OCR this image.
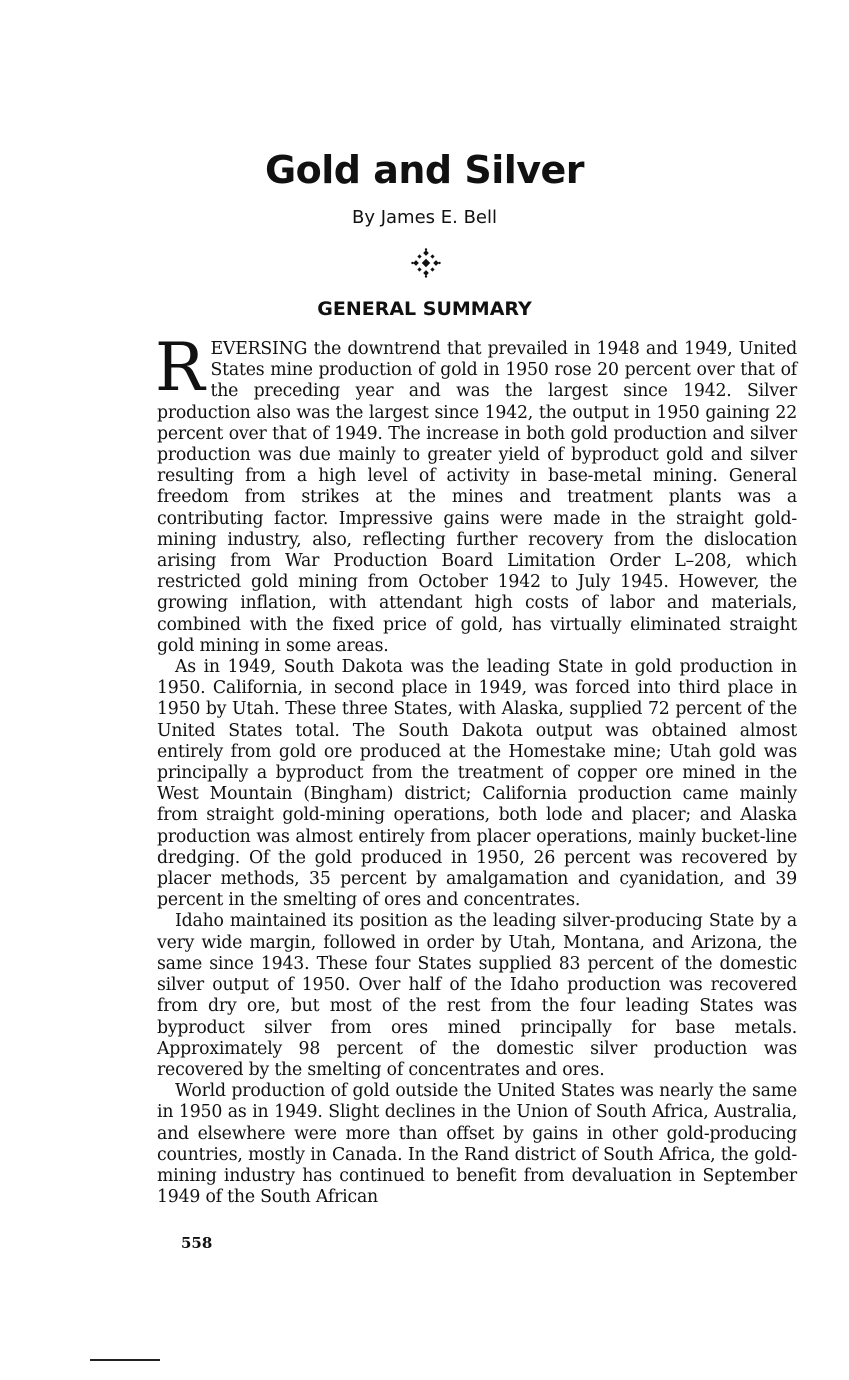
Gold and Silver

By James E. Bell

GENERAL SUMMARY

REVERSING the downtrend that prevailed in 1948 and 1949, United States mine production of gold in 1950 rose 20 percent over that of the preceding year and was the largest since 1942. Silver production also was the largest since 1942, the output in 1950 gaining 22 percent over that of 1949. The increase in both gold production and silver production was due mainly to greater yield of byproduct gold and silver resulting from a high level of activity in base-metal mining. General freedom from strikes at the mines and treatment plants was a contributing factor. Impressive gains were made in the straight gold-mining industry, also, reflecting further recovery from the dislocation arising from War Production Board Limitation Order L–208, which restricted gold mining from October 1942 to July 1945. However, the growing inflation, with attendant high costs of labor and materials, combined with the fixed price of gold, has virtually eliminated straight gold mining in some areas.

As in 1949, South Dakota was the leading State in gold production in 1950. California, in second place in 1949, was forced into third place in 1950 by Utah. These three States, with Alaska, supplied 72 percent of the United States total. The South Dakota output was obtained almost entirely from gold ore produced at the Homestake mine; Utah gold was principally a byproduct from the treatment of copper ore mined in the West Mountain (Bingham) district; California production came mainly from straight gold-mining operations, both lode and placer; and Alaska production was almost entirely from placer operations, mainly bucket-line dredging. Of the gold produced in 1950, 26 percent was recovered by placer methods, 35 percent by amalgamation and cyanidation, and 39 percent in the smelting of ores and concentrates.

Idaho maintained its position as the leading silver-producing State by a very wide margin, followed in order by Utah, Montana, and Arizona, the same since 1943. These four States supplied 83 percent of the domestic silver output of 1950. Over half of the Idaho production was recovered from dry ore, but most of the rest from the four leading States was byproduct silver from ores mined principally for base metals. Approximately 98 percent of the domestic silver production was recovered by the smelting of concentrates and ores.

World production of gold outside the United States was nearly the same in 1950 as in 1949. Slight declines in the Union of South Africa, Australia, and elsewhere were more than offset by gains in other gold-producing countries, mostly in Canada. In the Rand district of South Africa, the gold-mining industry has continued to benefit from devaluation in September 1949 of the South African

558
